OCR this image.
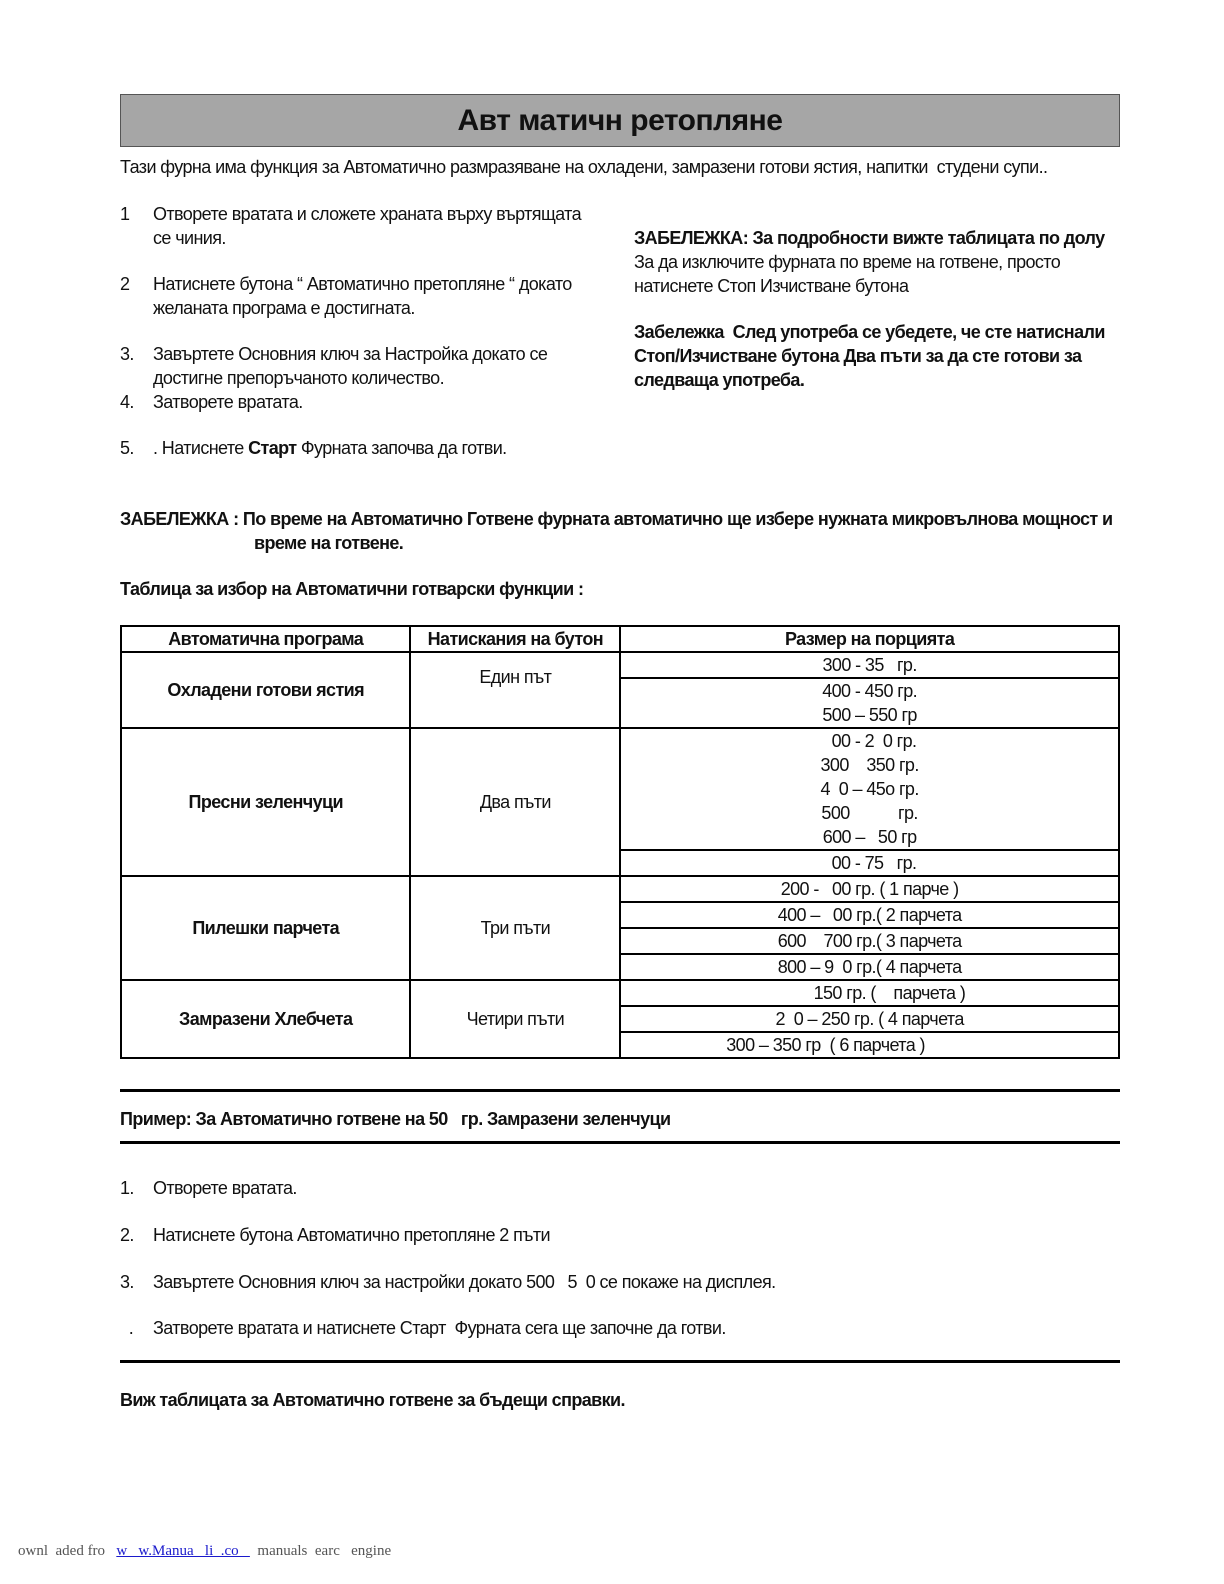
Авт матичн ретопляне
Тази фурна има функция за Автоматично размразяване на охладени, замразени готови ястия, напитки  студени супи..
1 Отворете вратата и сложете храната върху въртящата
се чиния.
2 Натиснете бутона “ Автоматично претопляне “ докато
желаната програма е достигната.
3. Завъртете Основния ключ за Настройка докато се
достигне препоръчаното количество.
4. Затворете вратата.
5. . Натиснете Старт Фурната започва да готви.
ЗАБЕЛЕЖКА: За подробности вижте таблицата по долу
За да изключите фурната по време на готвене, просто
натиснете Стоп Изчистване бутона
Забележка  След употреба се убедете, че сте натиснали
Стоп/Изчистване бутона Два пъти за да сте готови за
следваща употреба.
ЗАБЕЛЕЖКА : По време на Автоматично Готвене фурната автоматично ще избере нужната микровълнова мощност и
време на готвене.
Таблица за избор на Автоматични готварски функции :
Автоматична програма	Натискания на бутон	Размер на порцията
Охладени готови ястия	Един път	300 - 35   гр.
		400 - 450 гр.
500 – 550 гр
Пресни зеленчуци	Два пъти	00 - 2  0 гр.
300    350 гр.
4  0 – 45o гр.
500           гр.
600 –   50 гр
		00 - 75   гр.
Пилешки парчета	Три пъти	200 -   00 гр. ( 1 парче )
		400 –   00 гр.( 2 парчета
		600    700 гр.( 3 парчета
		800 – 9  0 гр.( 4 парчета
Замразени Хлебчета	Четири пъти	150 гр. (    парчета )
		2  0 – 250 гр. ( 4 парчета
		300 – 350 гр  ( 6 парчета )
Пример: За Автоматично готвене на 50   гр. Замразени зеленчуци
1. Отворете вратата.
2. Натиснете бутона Автоматично претопляне 2 пъти
3. Завъртете Основния ключ за настройки докато 500   5  0 се покаже на дисплея.
. Затворете вратата и натиснете Старт  Фурната сега ще започне да готви.
Виж таблицата за Автоматично готвене за бъдещи справки.
ownl  aded fro   w   w.Manua   li  .co     manuals  earc   engine
